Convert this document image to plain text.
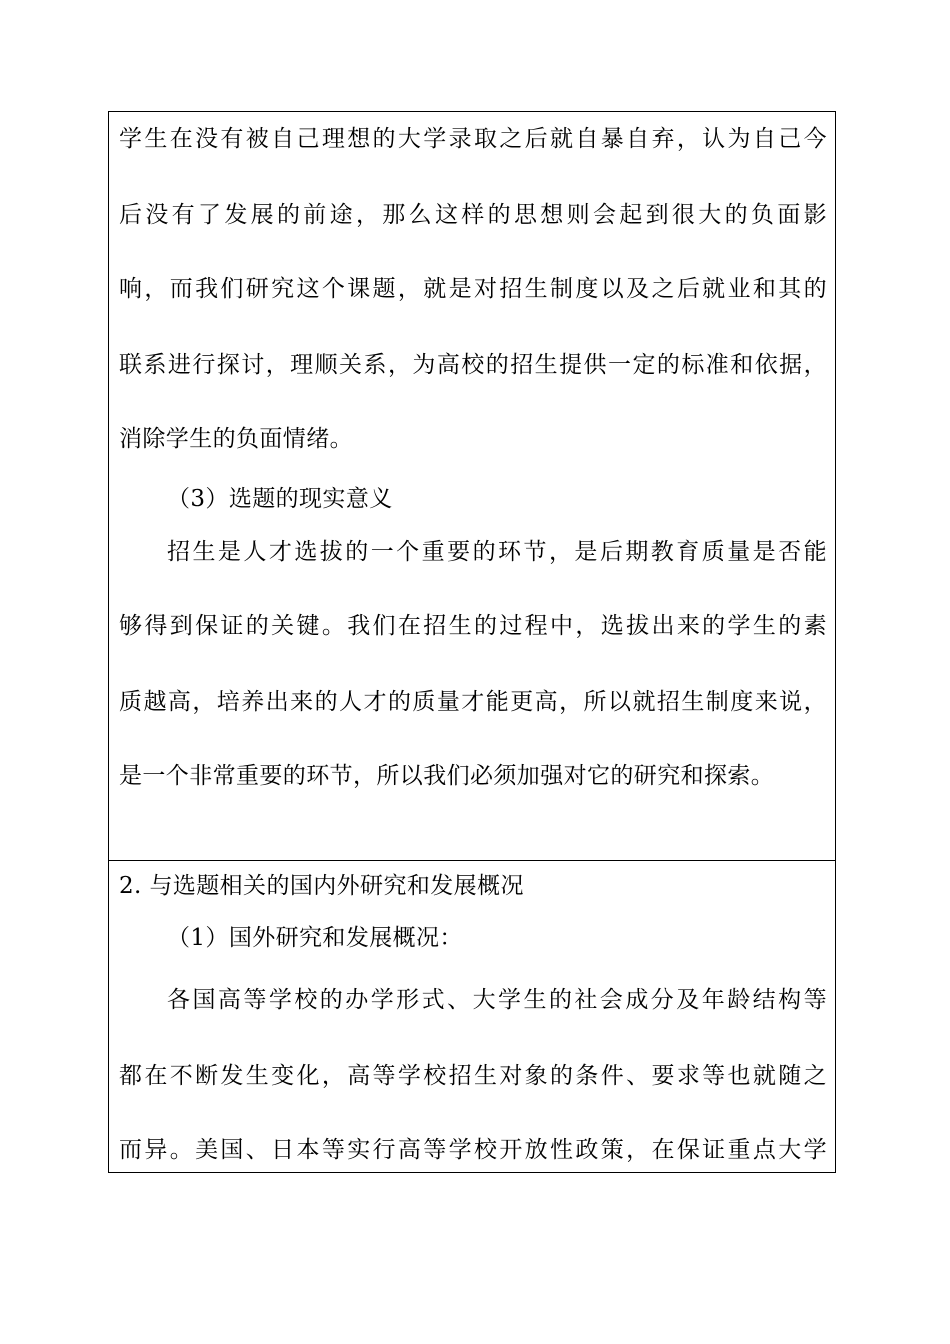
学生在没有被自己理想的大学录取之后就自暴自弃，认为自己今
后没有了发展的前途，那么这样的思想则会起到很大的负面影
响，而我们研究这个课题，就是对招生制度以及之后就业和其的
联系进行探讨，理顺关系，为高校的招生提供一定的标准和依据，
消除学生的负面情绪。
（3）选题的现实意义
招生是人才选拔的一个重要的环节，是后期教育质量是否能
够得到保证的关键。我们在招生的过程中，选拔出来的学生的素
质越高，培养出来的人才的质量才能更高，所以就招生制度来说，
是一个非常重要的环节，所以我们必须加强对它的研究和探索。
2. 与选题相关的国内外研究和发展概况
（1）国外研究和发展概况：
各国高等学校的办学形式、大学生的社会成分及年龄结构等
都在不断发生变化，高等学校招生对象的条件、要求等也就随之
而异。美国、日本等实行高等学校开放性政策，在保证重点大学
